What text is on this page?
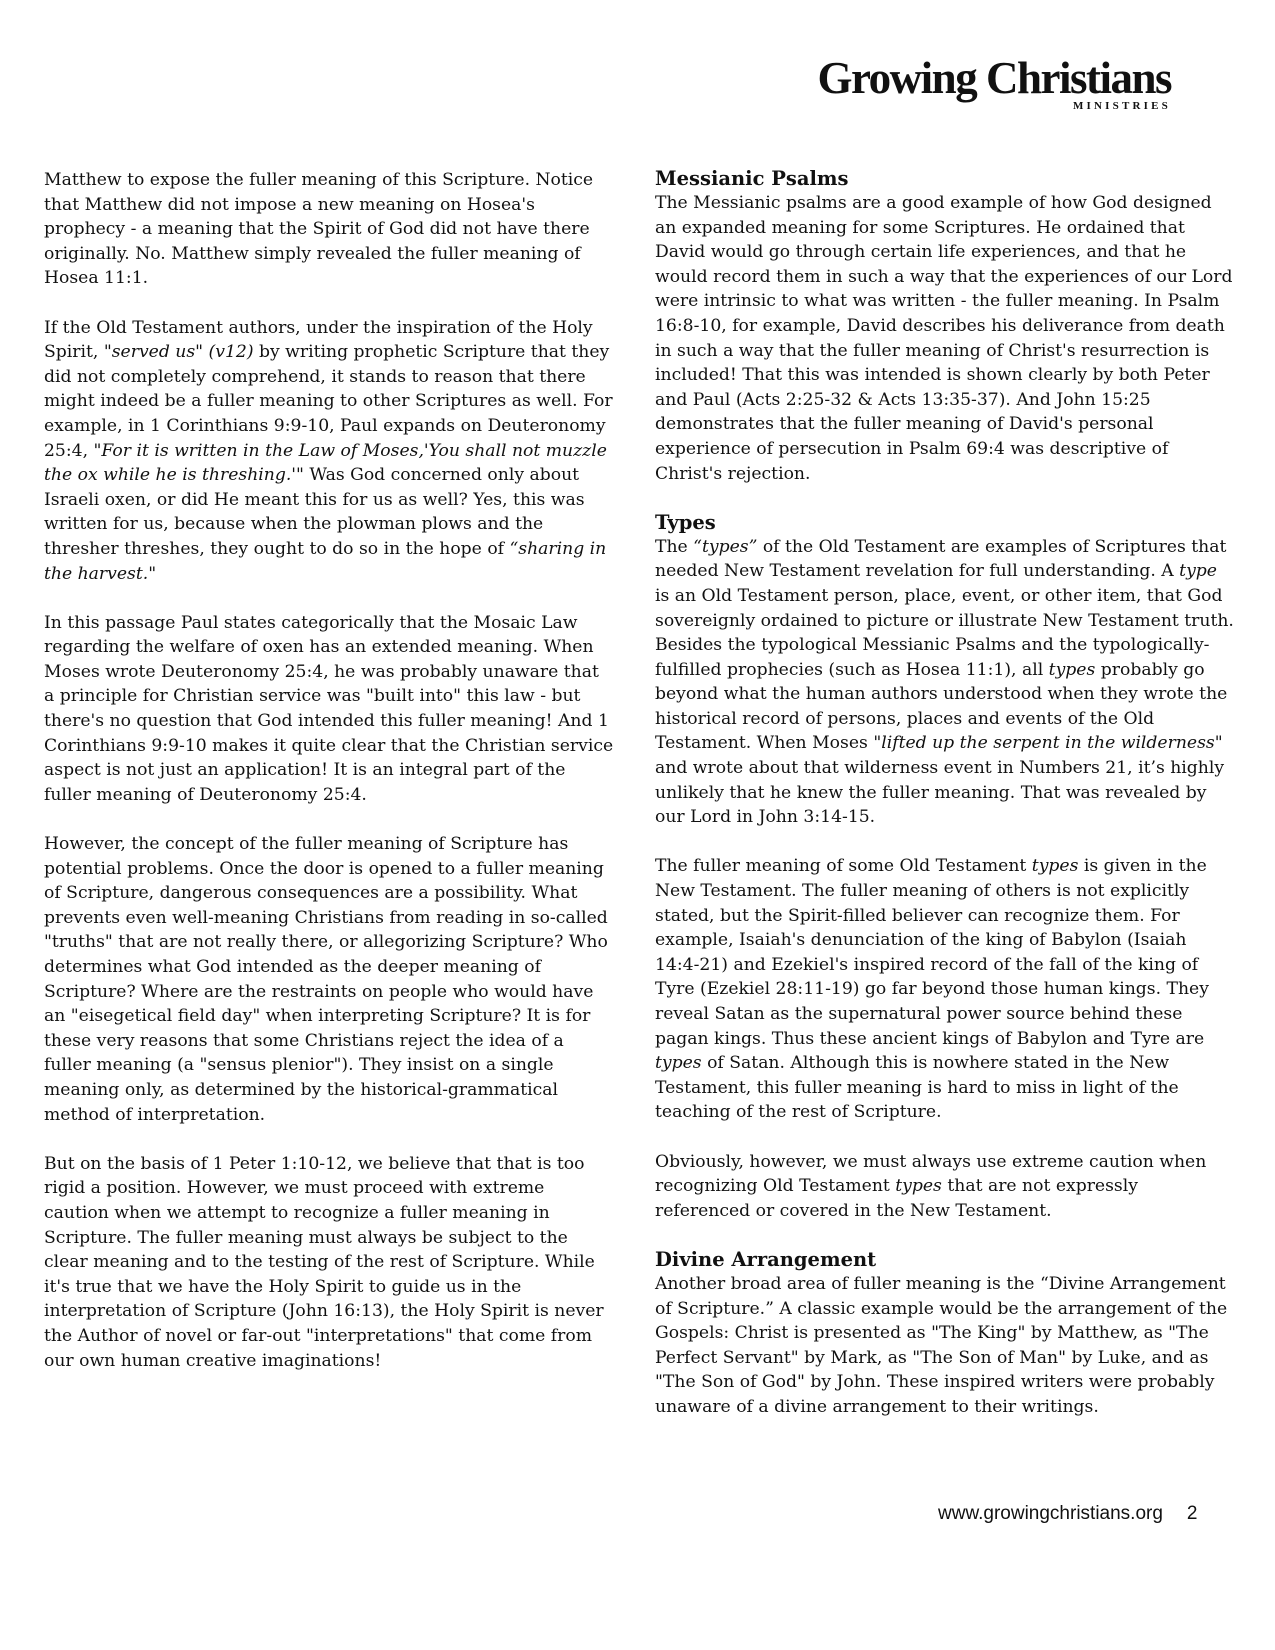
Growing Christians
MINISTRIES

Matthew to expose the fuller meaning of this Scripture. Notice that Matthew did not impose a new meaning on Hosea's prophecy - a meaning that the Spirit of God did not have there originally. No. Matthew simply revealed the fuller meaning of Hosea 11:1.

If the Old Testament authors, under the inspiration of the Holy Spirit, "served us" (v12) by writing prophetic Scripture that they did not completely comprehend, it stands to reason that there might indeed be a fuller meaning to other Scriptures as well. For example, in 1 Corinthians 9:9-10, Paul expands on Deuteronomy 25:4, "For it is written in the Law of Moses,'You shall not muzzle the ox while he is threshing.'" Was God concerned only about Israeli oxen, or did He meant this for us as well? Yes, this was written for us, because when the plowman plows and the thresher threshes, they ought to do so in the hope of “sharing in the harvest."

In this passage Paul states categorically that the Mosaic Law regarding the welfare of oxen has an extended meaning. When Moses wrote Deuteronomy 25:4, he was probably unaware that a principle for Christian service was "built into" this law - but there's no question that God intended this fuller meaning! And 1 Corinthians 9:9-10 makes it quite clear that the Christian service aspect is not just an application! It is an integral part of the fuller meaning of Deuteronomy 25:4.

However, the concept of the fuller meaning of Scripture has potential problems. Once the door is opened to a fuller meaning of Scripture, dangerous consequences are a possibility. What prevents even well-meaning Christians from reading in so-called "truths" that are not really there, or allegorizing Scripture? Who determines what God intended as the deeper meaning of Scripture? Where are the restraints on people who would have an "eisegetical field day" when interpreting Scripture? It is for these very reasons that some Christians reject the idea of a fuller meaning (a "sensus plenior"). They insist on a single meaning only, as determined by the historical-grammatical method of interpretation.

But on the basis of 1 Peter 1:10-12, we believe that that is too rigid a position. However, we must proceed with extreme caution when we attempt to recognize a fuller meaning in Scripture. The fuller meaning must always be subject to the clear meaning and to the testing of the rest of Scripture. While it's true that we have the Holy Spirit to guide us in the interpretation of Scripture (John 16:13), the Holy Spirit is never the Author of novel or far-out "interpretations" that come from our own human creative imaginations!

Messianic Psalms

The Messianic psalms are a good example of how God designed an expanded meaning for some Scriptures. He ordained that David would go through certain life experiences, and that he would record them in such a way that the experiences of our Lord were intrinsic to what was written - the fuller meaning. In Psalm 16:8-10, for example, David describes his deliverance from death in such a way that the fuller meaning of Christ's resurrection is included! That this was intended is shown clearly by both Peter and Paul (Acts 2:25-32 & Acts 13:35-37). And John 15:25 demonstrates that the fuller meaning of David's personal experience of persecution in Psalm 69:4 was descriptive of Christ's rejection.

Types

The “types” of the Old Testament are examples of Scriptures that needed New Testament revelation for full understanding. A type is an Old Testament person, place, event, or other item, that God sovereignly ordained to picture or illustrate New Testament truth. Besides the typological Messianic Psalms and the typologically-fulfilled prophecies (such as Hosea 11:1), all types probably go beyond what the human authors understood when they wrote the historical record of persons, places and events of the Old Testament. When Moses "lifted up the serpent in the wilderness" and wrote about that wilderness event in Numbers 21, it’s highly unlikely that he knew the fuller meaning. That was revealed by our Lord in John 3:14-15.

The fuller meaning of some Old Testament types is given in the New Testament. The fuller meaning of others is not explicitly stated, but the Spirit-filled believer can recognize them. For example, Isaiah's denunciation of the king of Babylon (Isaiah 14:4-21) and Ezekiel's inspired record of the fall of the king of Tyre (Ezekiel 28:11-19) go far beyond those human kings. They reveal Satan as the supernatural power source behind these pagan kings. Thus these ancient kings of Babylon and Tyre are types of Satan. Although this is nowhere stated in the New Testament, this fuller meaning is hard to miss in light of the teaching of the rest of Scripture.

Obviously, however, we must always use extreme caution when recognizing Old Testament types that are not expressly referenced or covered in the New Testament.

Divine Arrangement

Another broad area of fuller meaning is the “Divine Arrangement of Scripture.” A classic example would be the arrangement of the Gospels: Christ is presented as "The King" by Matthew, as "The Perfect Servant" by Mark, as "The Son of Man" by Luke, and as "The Son of God" by John. These inspired writers were probably unaware of a divine arrangement to their writings.

www.growingchristians.org 2
